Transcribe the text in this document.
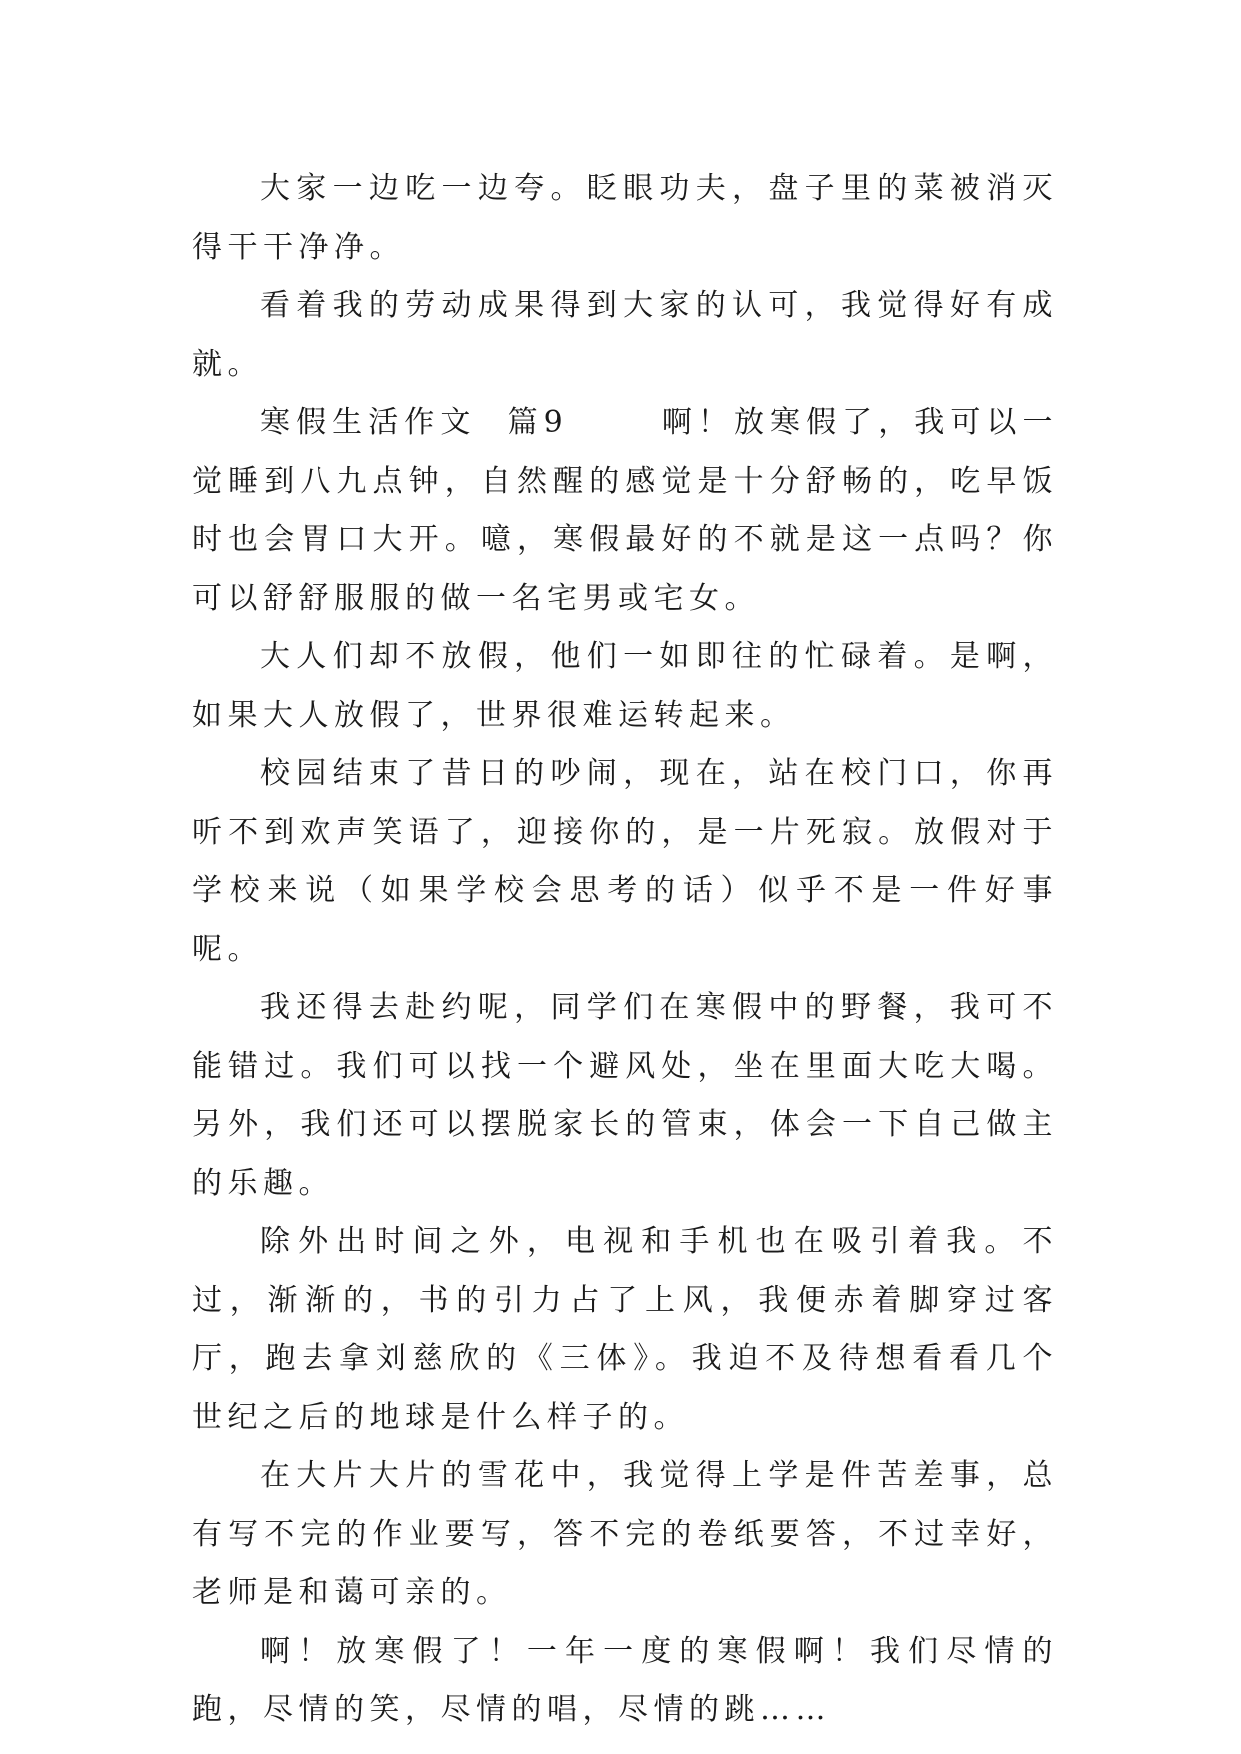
大家一边吃一边夸。眨眼功夫，盘子里的菜被消灭得干干净净。

看着我的劳动成果得到大家的认可，我觉得好有成就。

寒假生活作文  篇9      啊！放寒假了，我可以一觉睡到八九点钟，自然醒的感觉是十分舒畅的，吃早饭时也会胃口大开。噫，寒假最好的不就是这一点吗？你可以舒舒服服的做一名宅男或宅女。

大人们却不放假，他们一如即往的忙碌着。是啊，如果大人放假了，世界很难运转起来。

校园结束了昔日的吵闹，现在，站在校门口，你再听不到欢声笑语了，迎接你的，是一片死寂。放假对于学校来说（如果学校会思考的话）似乎不是一件好事呢。

我还得去赴约呢，同学们在寒假中的野餐，我可不能错过。我们可以找一个避风处，坐在里面大吃大喝。另外，我们还可以摆脱家长的管束，体会一下自己做主的乐趣。

除外出时间之外，电视和手机也在吸引着我。不过，渐渐的，书的引力占了上风，我便赤着脚穿过客厅，跑去拿刘慈欣的《三体》。我迫不及待想看看几个世纪之后的地球是什么样子的。

在大片大片的雪花中，我觉得上学是件苦差事，总有写不完的作业要写，答不完的卷纸要答，不过幸好，老师是和蔼可亲的。

啊！放寒假了！一年一度的寒假啊！我们尽情的跑，尽情的笑，尽情的唱，尽情的跳……
